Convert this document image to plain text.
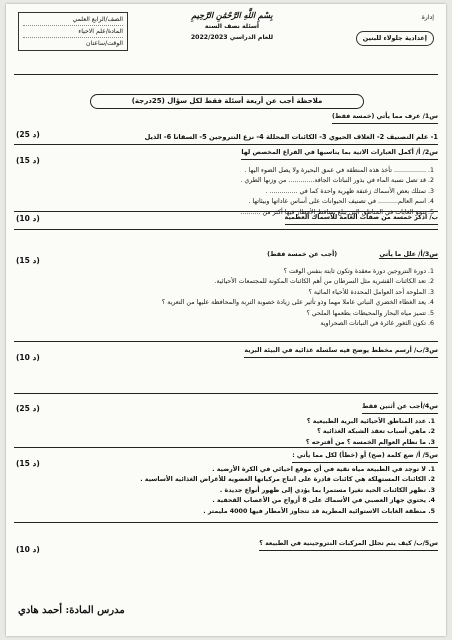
إدارة
إعدادية جلولاء للبنين
بِسْمِ اللَّهِ الرَّحْمَٰنِ الرَّحِيمِ
أسئلة نصف السنة
للعام الدراسي 2022/2023
الصف/الرابع العلمي
المادة/علم الاحياء
الوقت/ساعتان
ملاحظة أجب عن أربعة أسئلة فقط لكل سؤال (25درجة)
س1/ عرف مما يأتي (خمسة فقط)
1- علم التصنيف 2- الغلاف الحيوي 3- الكائنات المحللة 4- نزع النتروجين 5- السفانا 6- الذيل
(25 د)
س2/ أ/ أكمل العبارات الاتية بما يناسبها في الفراغ المخصص لها
1. ................ تأخذ هذه المنطقة في عمق البحيرة ولا يصل الضوء اليها .
2. قد تصل نسبة الماء في بذور النباتات الجافة............. من وزنها الطري .
3. تمتلك بعض الأسماك زعنفة ظهرية واحدة كما في .............. .
4. اسم العالم.......... في تصنيف الحيوانات على أساس عاداتها وبيئاتها .
5. تنمو الغابات في المناطق التي يبلغ تساقط الأمطار فيها أكثر من ..........
(15 د)
ب/ أذكر خمسة من صفات العامة للأسماك العظمية
(10 د)
س3/أ/ علل ما يأتي (أجب عن خمسة فقط)
1. دورة النتروجين دورة معقدة وتكون ثابتة بنفس الوقت ؟
2. تعد الكائنات القشرية مثل السرطان من أهم الكائنات المكونة للمجتمعات الأحيائية.
3. الملوحة أحد العوامل المحددة للأحياء المائية ؟
4. يعد الغطاء الخضري النباتي عاملا مهما وذو تأثير على زيادة خصوبة التربة والمحافظة عليها من التعرية ؟
5. تتميز مياه البحار والمحيطات بطعمها الملحي ؟
6. تكون الثغور غائرة في النباتات الصحراوية
(15 د)
س3/ب/ أرسم مخطط يوضح فيه سلسلة غذائية في البيئة البرية
(10 د)
س4/أجب عن أثنين فقط
1. عدد المناطق الأحيائية البرية الطبيعية ؟
2. ماهي أسباب تعقد الشبكة الغذائية ؟
3. ما نظام العوالم الخمسة ؟ من أقترحه ؟
(25 د)
س5/ أ/ ضع كلمة (صح) أو (خطأ) لكل مما يأتي :
1. لا توجد في الطبيعة مياه نقية في أي موقع احيائي في الكرة الأرضية .
2. الكائنات المستهلكة هي كائنات قادرة على انتاج مركباتها العضوية للأغراض الغذائية الأساسية .
3. تظهر الكائنات الحية تغيرا مستمرا بما يؤدي إلى ظهور أنواع جديدة .
4. يحتوي جهاز العصبي في الأسماك على 8 أزواج من الأعصاب القحفية .
5. منطقة الغابات الاستوائية المطرية قد تتجاوز الأمطار فيها 4000 مليمتر .
(15 د)
س5/ب/ كيف يتم تحلل المركبات النتروجينية في الطبيعة ؟
(10 د)
مدرس المادة: أحمد هادي
